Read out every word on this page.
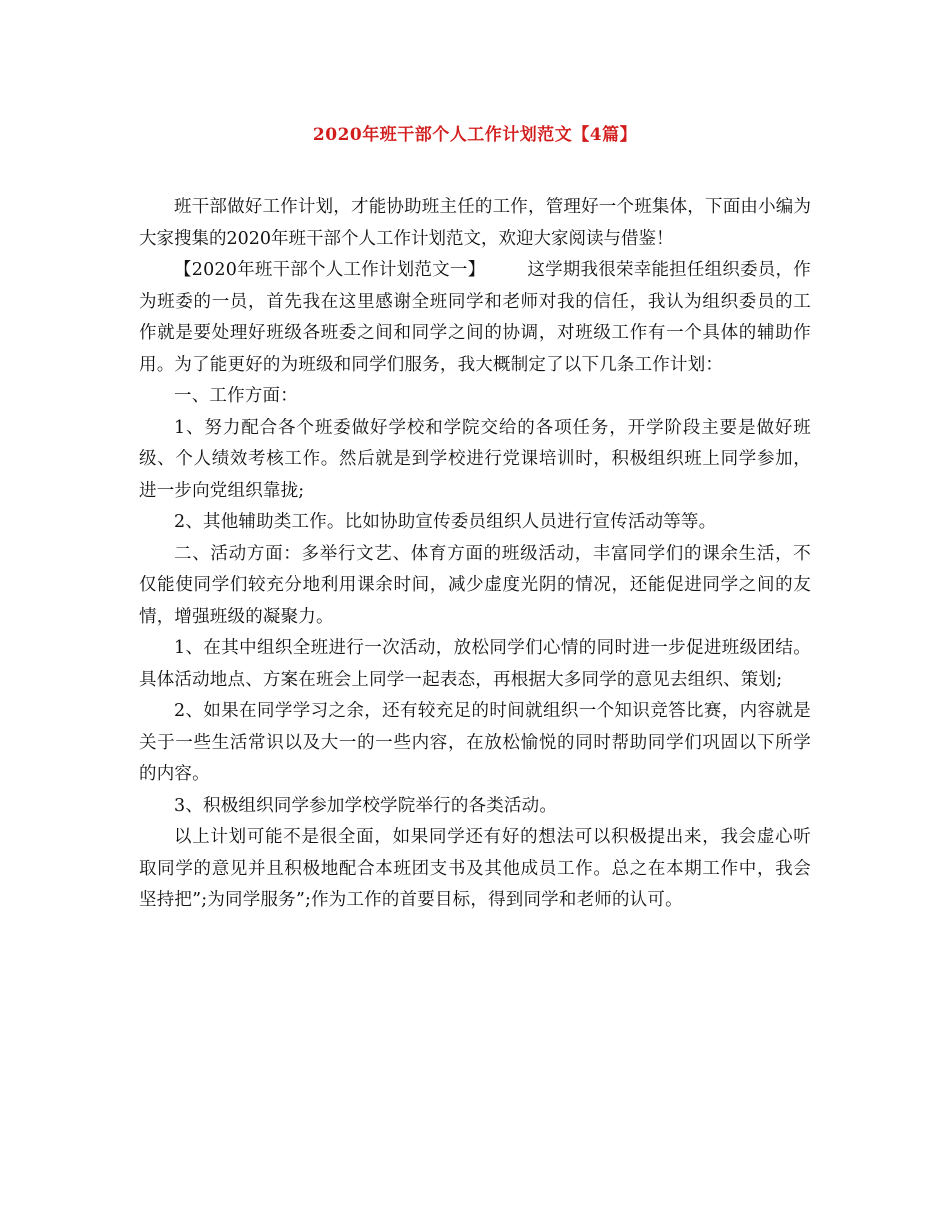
2020年班干部个人工作计划范文【4篇】

班干部做好工作计划，才能协助班主任的工作，管理好一个班集体，下面由小编为大家搜集的2020年班干部个人工作计划范文，欢迎大家阅读与借鉴！

【2020年班干部个人工作计划范文一】 这学期我很荣幸能担任组织委员，作为班委的一员，首先我在这里感谢全班同学和老师对我的信任，我认为组织委员的工作就是要处理好班级各班委之间和同学之间的协调，对班级工作有一个具体的辅助作用。为了能更好的为班级和同学们服务，我大概制定了以下几条工作计划：

一、工作方面：

1、努力配合各个班委做好学校和学院交给的各项任务，开学阶段主要是做好班级、个人绩效考核工作。然后就是到学校进行党课培训时，积极组织班上同学参加，进一步向党组织靠拢;

2、其他辅助类工作。比如协助宣传委员组织人员进行宣传活动等等。

二、活动方面：多举行文艺、体育方面的班级活动，丰富同学们的课余生活，不仅能使同学们较充分地利用课余时间，减少虚度光阴的情况，还能促进同学之间的友情，增强班级的凝聚力。

1、在其中组织全班进行一次活动，放松同学们心情的同时进一步促进班级团结。具体活动地点、方案在班会上同学一起表态，再根据大多同学的意见去组织、策划;

2、如果在同学学习之余，还有较充足的时间就组织一个知识竞答比赛，内容就是关于一些生活常识以及大一的一些内容，在放松愉悦的同时帮助同学们巩固以下所学的内容。

3、积极组织同学参加学校学院举行的各类活动。

以上计划可能不是很全面，如果同学还有好的想法可以积极提出来，我会虚心听取同学的意见并且积极地配合本班团支书及其他成员工作。总之在本期工作中，我会坚持把”;为同学服务”;作为工作的首要目标，得到同学和老师的认可。
